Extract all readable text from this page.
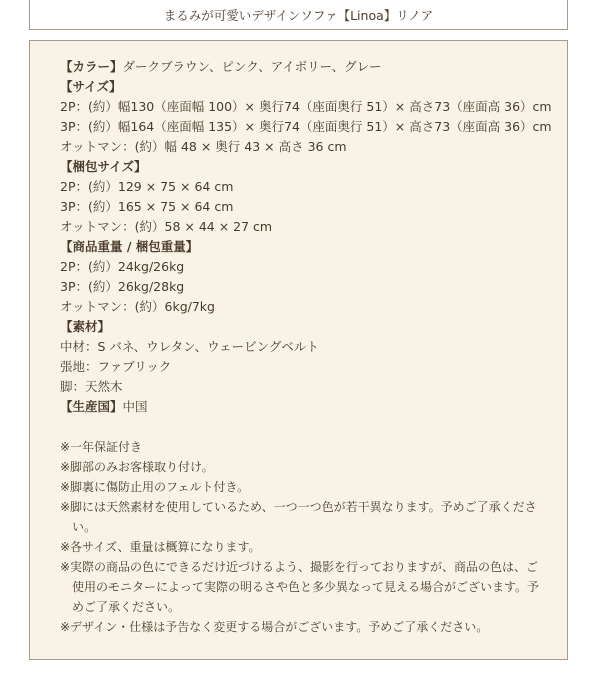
まるみが可愛いデザインソファ【Linoa】リノア
【カラー】ダークブラウン、ピンク、アイボリー、グレー
【サイズ】
2P：(約）幅130（座面幅 100）× 奥行74（座面奥行 51）× 高さ73（座面高 36）cm
3P：(約）幅164（座面幅 135）× 奥行74（座面奥行 51）× 高さ73（座面高 36）cm
オットマン：(約）幅 48 × 奥行 43 × 高さ 36 cm
【梱包サイズ】
2P：(約）129 × 75 × 64 cm
3P：(約）165 × 75 × 64 cm
オットマン：(約）58 × 44 × 27 cm
【商品重量 / 梱包重量】
2P：(約）24kg/26kg
3P：(約）26kg/28kg
オットマン：(約）6kg/7kg
【素材】
中材：S バネ、ウレタン、ウェービングベルト
張地：ファブリック
脚：天然木
【生産国】中国
※一年保証付き
※脚部のみお客様取り付け。
※脚裏に傷防止用のフェルト付き。
※脚には天然素材を使用しているため、一つ一つ色が若干異なります。予めご了承ください。
※各サイズ、重量は概算になります。
※実際の商品の色にできるだけ近づけるよう、撮影を行っておりますが、商品の色は、ご使用のモニターによって実際の明るさや色と多少異なって見える場合がございます。予めご了承ください。
※デザイン・仕様は予告なく変更する場合がございます。予めご了承ください。
